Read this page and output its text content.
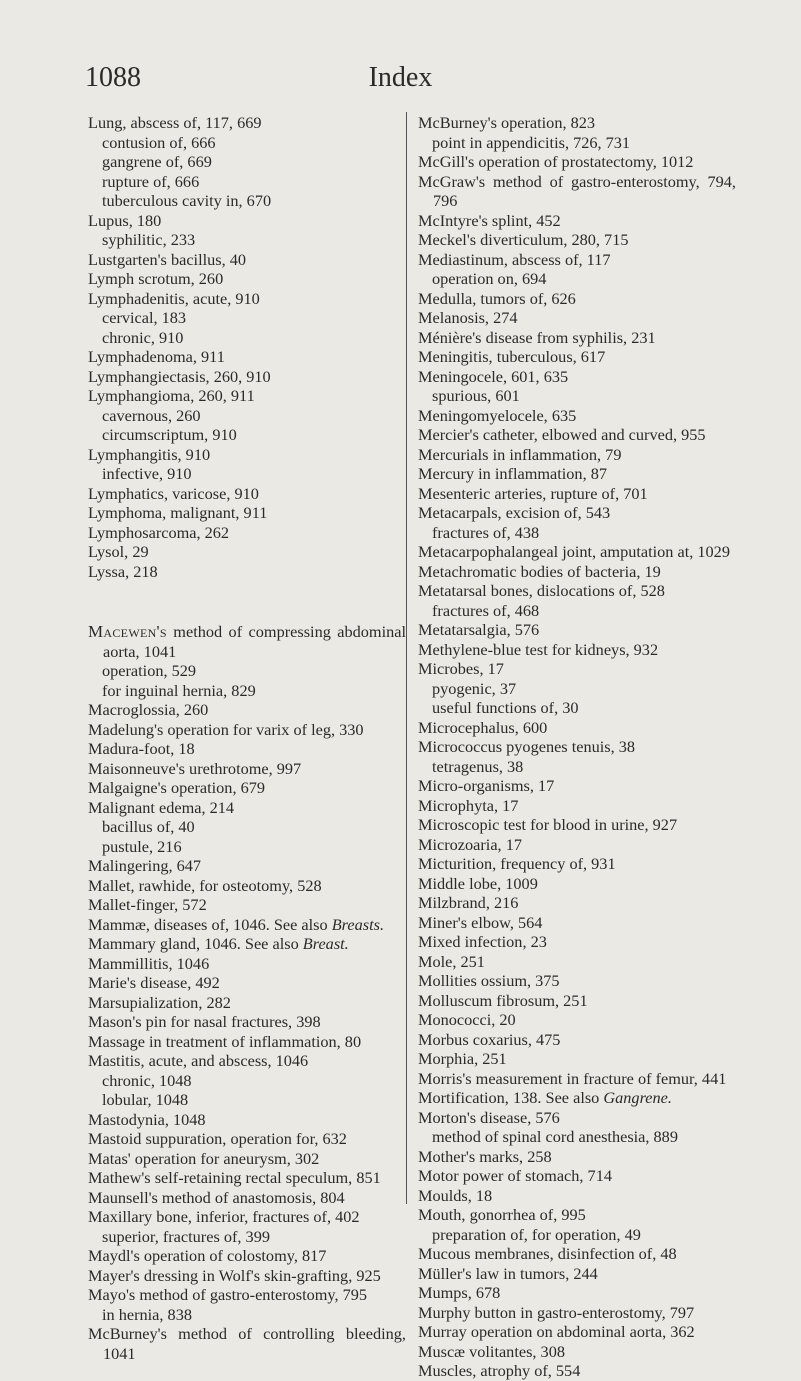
1088	Index
Lung, abscess of, 117, 669
contusion of, 666
gangrene of, 669
rupture of, 666
tuberculous cavity in, 670
Lupus, 180
syphilitic, 233
Lustgarten's bacillus, 40
Lymph scrotum, 260
Lymphadenitis, acute, 910
cervical, 183
chronic, 910
Lymphadenoma, 911
Lymphangiectasis, 260, 910
Lymphangioma, 260, 911
cavernous, 260
circumscriptum, 910
Lymphangitis, 910
infective, 910
Lymphatics, varicose, 910
Lymphoma, malignant, 911
Lymphosarcoma, 262
Lysol, 29
Lyssa, 218
Macewen's method of compressing abdominal aorta, 1041
operation, 529
for inguinal hernia, 829
Macroglossia, 260
Madelung's operation for varix of leg, 330
Madura-foot, 18
Maisonneuve's urethrotome, 997
Malgaigne's operation, 679
Malignant edema, 214
bacillus of, 40
pustule, 216
Malingering, 647
Mallet, rawhide, for osteotomy, 528
Mallet-finger, 572
Mammæ, diseases of, 1046. See also Breasts.
Mammary gland, 1046. See also Breast.
Mammillitis, 1046
Marie's disease, 492
Marsupialization, 282
Mason's pin for nasal fractures, 398
Massage in treatment of inflammation, 80
Mastitis, acute, and abscess, 1046
chronic, 1048
lobular, 1048
Mastodynia, 1048
Mastoid suppuration, operation for, 632
Matas' operation for aneurysm, 302
Mathew's self-retaining rectal speculum, 851
Maunsell's method of anastomosis, 804
Maxillary bone, inferior, fractures of, 402
superior, fractures of, 399
Maydl's operation of colostomy, 817
Mayer's dressing in Wolf's skin-grafting, 925
Mayo's method of gastro-enterostomy, 795
in hernia, 838
McBurney's method of controlling bleeding, 1041
McBurney's operation, 823
point in appendicitis, 726, 731
McGill's operation of prostatectomy, 1012
McGraw's method of gastro-enterostomy, 794, 796
McIntyre's splint, 452
Meckel's diverticulum, 280, 715
Mediastinum, abscess of, 117
operation on, 694
Medulla, tumors of, 626
Melanosis, 274
Ménière's disease from syphilis, 231
Meningitis, tuberculous, 617
Meningocele, 601, 635
spurious, 601
Meningomyelocele, 635
Mercier's catheter, elbowed and curved, 955
Mercurials in inflammation, 79
Mercury in inflammation, 87
Mesenteric arteries, rupture of, 701
Metacarpals, excision of, 543
fractures of, 438
Metacarpophalangeal joint, amputation at, 1029
Metachromatic bodies of bacteria, 19
Metatarsal bones, dislocations of, 528
fractures of, 468
Metatarsalgia, 576
Methylene-blue test for kidneys, 932
Microbes, 17
pyogenic, 37
useful functions of, 30
Microcephalus, 600
Micrococcus pyogenes tenuis, 38
tetragenus, 38
Micro-organisms, 17
Microphyta, 17
Microscopic test for blood in urine, 927
Microzoaria, 17
Micturition, frequency of, 931
Middle lobe, 1009
Milzbrand, 216
Miner's elbow, 564
Mixed infection, 23
Mole, 251
Mollities ossium, 375
Molluscum fibrosum, 251
Monococci, 20
Morbus coxarius, 475
Morphia, 251
Morris's measurement in fracture of femur, 441
Mortification, 138. See also Gangrene.
Morton's disease, 576
method of spinal cord anesthesia, 889
Mother's marks, 258
Motor power of stomach, 714
Moulds, 18
Mouth, gonorrhea of, 995
preparation of, for operation, 49
Mucous membranes, disinfection of, 48
Müller's law in tumors, 244
Mumps, 678
Murphy button in gastro-enterostomy, 797
Murray operation on abdominal aorta, 362
Muscæ volitantes, 308
Muscles, atrophy of, 554
